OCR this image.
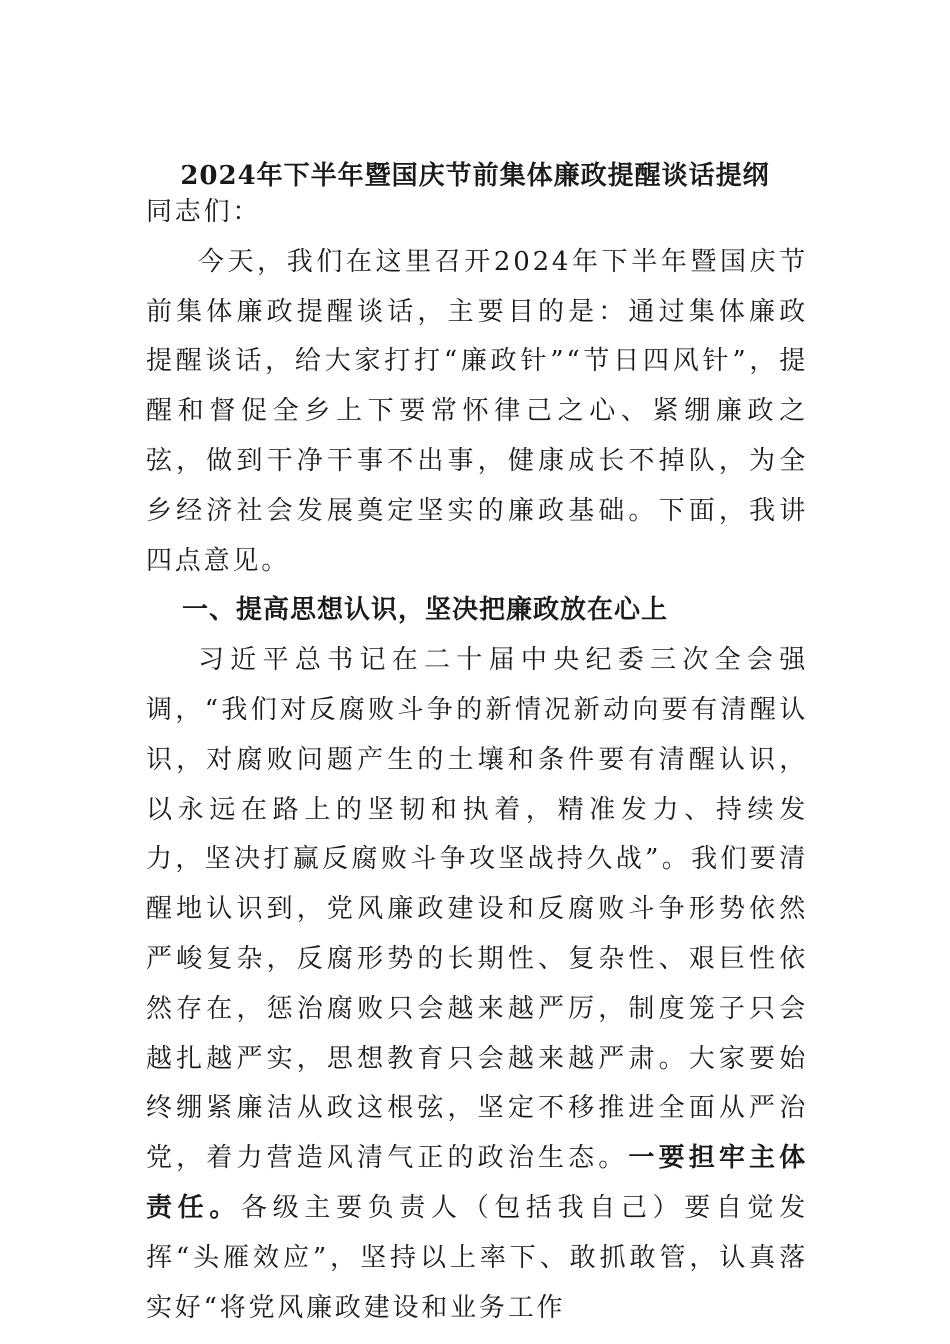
2024年下半年暨国庆节前集体廉政提醒谈话提纲

同志们：

今天，我们在这里召开2024年下半年暨国庆节前集体廉政提醒谈话，主要目的是：通过集体廉政提醒谈话，给大家打打“廉政针”“节日四风针”，提醒和督促全乡上下要常怀律己之心、紧绷廉政之弦，做到干净干事不出事，健康成长不掉队，为全乡经济社会发展奠定坚实的廉政基础。下面，我讲四点意见。

一、提高思想认识，坚决把廉政放在心上

习近平总书记在二十届中央纪委三次全会强调，“我们对反腐败斗争的新情况新动向要有清醒认识，对腐败问题产生的土壤和条件要有清醒认识，以永远在路上的坚韧和执着，精准发力、持续发力，坚决打赢反腐败斗争攻坚战持久战”。我们要清醒地认识到，党风廉政建设和反腐败斗争形势依然严峻复杂，反腐形势的长期性、复杂性、艰巨性依然存在，惩治腐败只会越来越严厉，制度笼子只会越扎越严实，思想教育只会越来越严肃。大家要始终绷紧廉洁从政这根弦，坚定不移推进全面从严治党，着力营造风清气正的政治生态。一要担牢主体责任。各级主要负责人（包括我自己）要自觉发挥“头雁效应”，坚持以上率下、敢抓敢管，认真落实好“将党风廉政建设和业务工作
